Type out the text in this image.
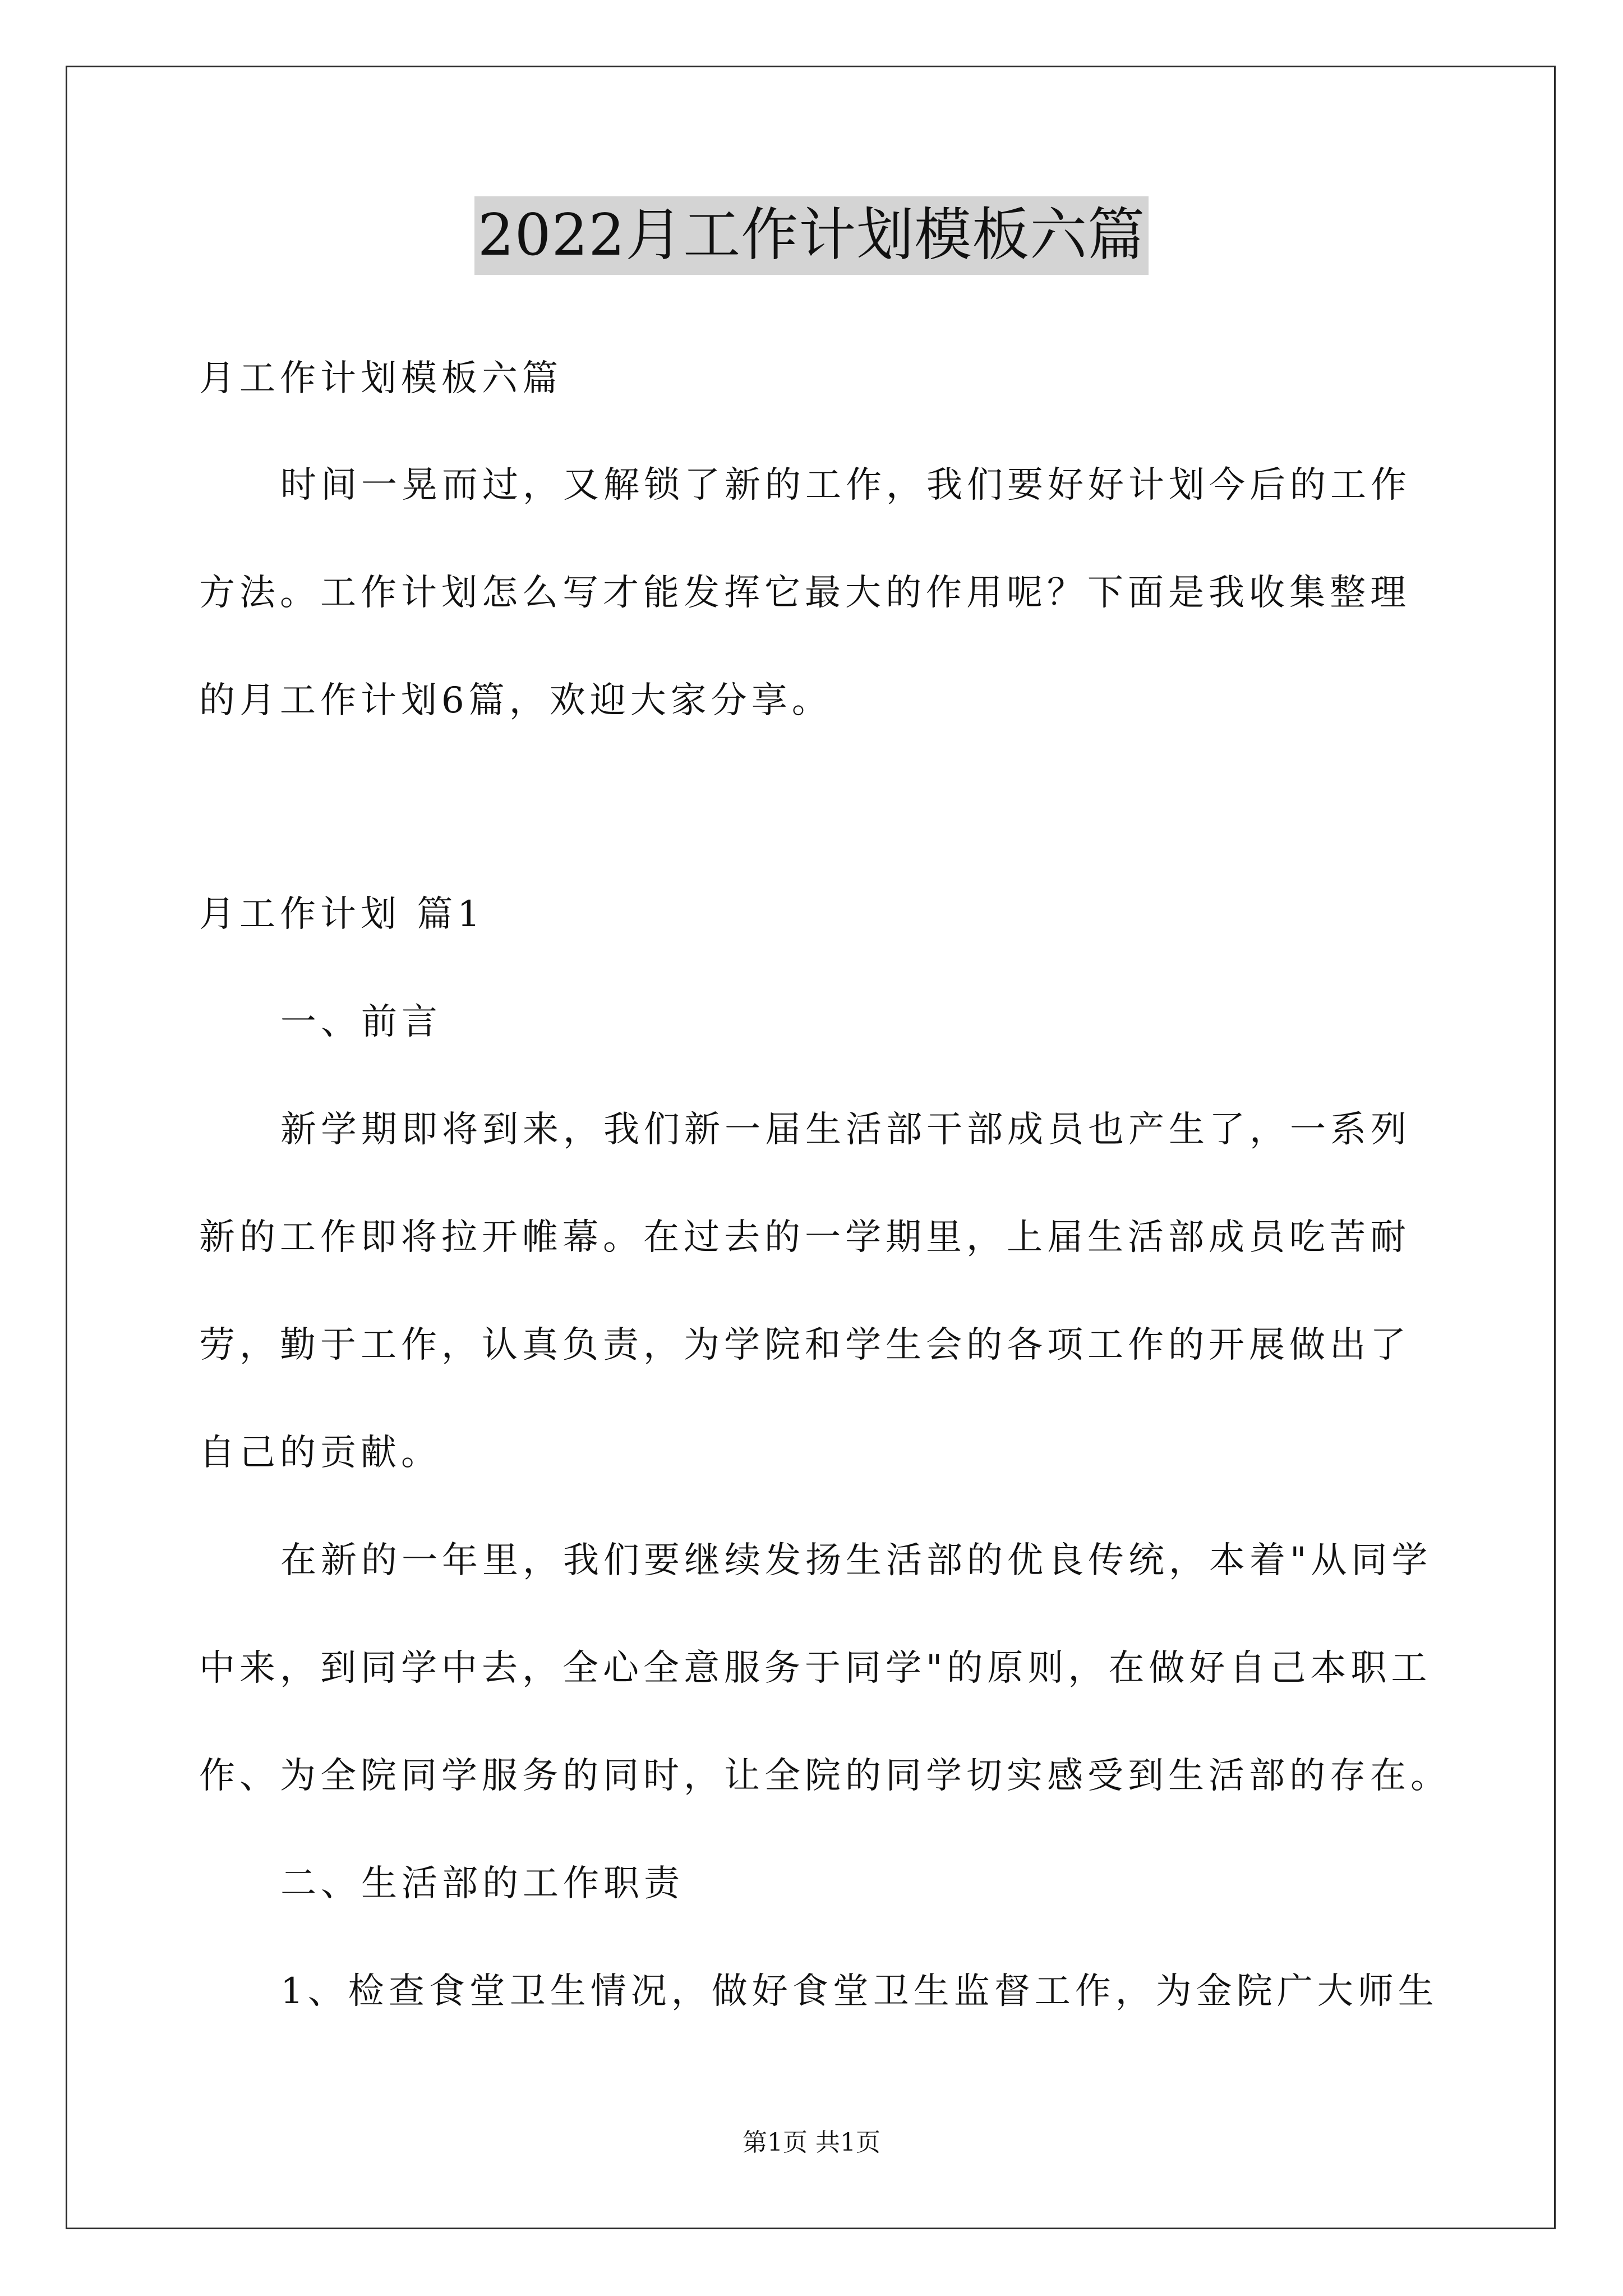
2022月工作计划模板六篇
月工作计划模板六篇
时间一晃而过，又解锁了新的工作，我们要好好计划今后的工作
方法。工作计划怎么写才能发挥它最大的作用呢？下面是我收集整理
的月工作计划6篇，欢迎大家分享。
月工作计划 篇1
一、前言
新学期即将到来，我们新一届生活部干部成员也产生了，一系列
新的工作即将拉开帷幕。在过去的一学期里，上届生活部成员吃苦耐
劳，勤于工作，认真负责，为学院和学生会的各项工作的开展做出了
自己的贡献。
在新的一年里，我们要继续发扬生活部的优良传统，本着"从同学
中来，到同学中去，全心全意服务于同学"的原则，在做好自己本职工
作、为全院同学服务的同时，让全院的同学切实感受到生活部的存在。
二、生活部的工作职责
1、检查食堂卫生情况，做好食堂卫生监督工作，为金院广大师生
第1页 共1页
